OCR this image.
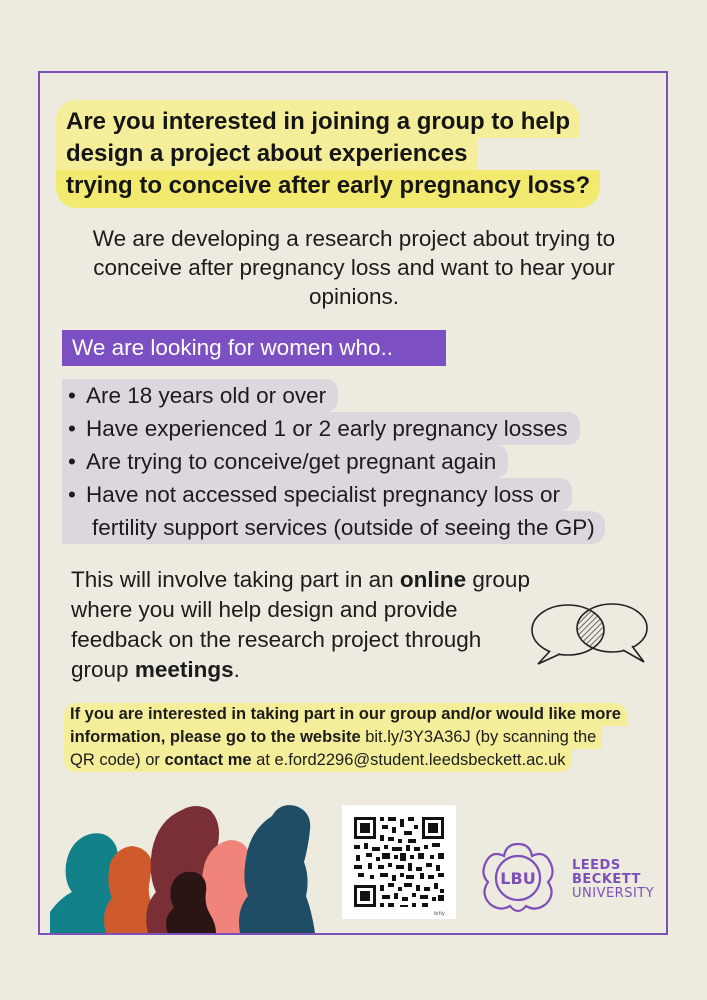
Are you interested in joining a group to help
design a project about experiences
trying to conceive after early pregnancy loss?
We are developing a research project about trying to conceive after pregnancy loss and want to hear your opinions.
We are looking for women who..
• Are 18 years old or over
• Have experienced 1 or 2 early pregnancy losses
• Are trying to conceive/get pregnant again
• Have not accessed specialist pregnancy loss or
fertility support services (outside of seeing the GP)
This will involve taking part in an online group where you will help design and provide feedback on the research project through group meetings.
If you are interested in taking part in our group and/or would like more
information, please go to the website bit.ly/3Y3A36J (by scanning the
QR code) or contact me at e.ford2296@student.leedsbeckett.ac.uk
bitly
LBU
LEEDS
BECKETT
UNIVERSITY
